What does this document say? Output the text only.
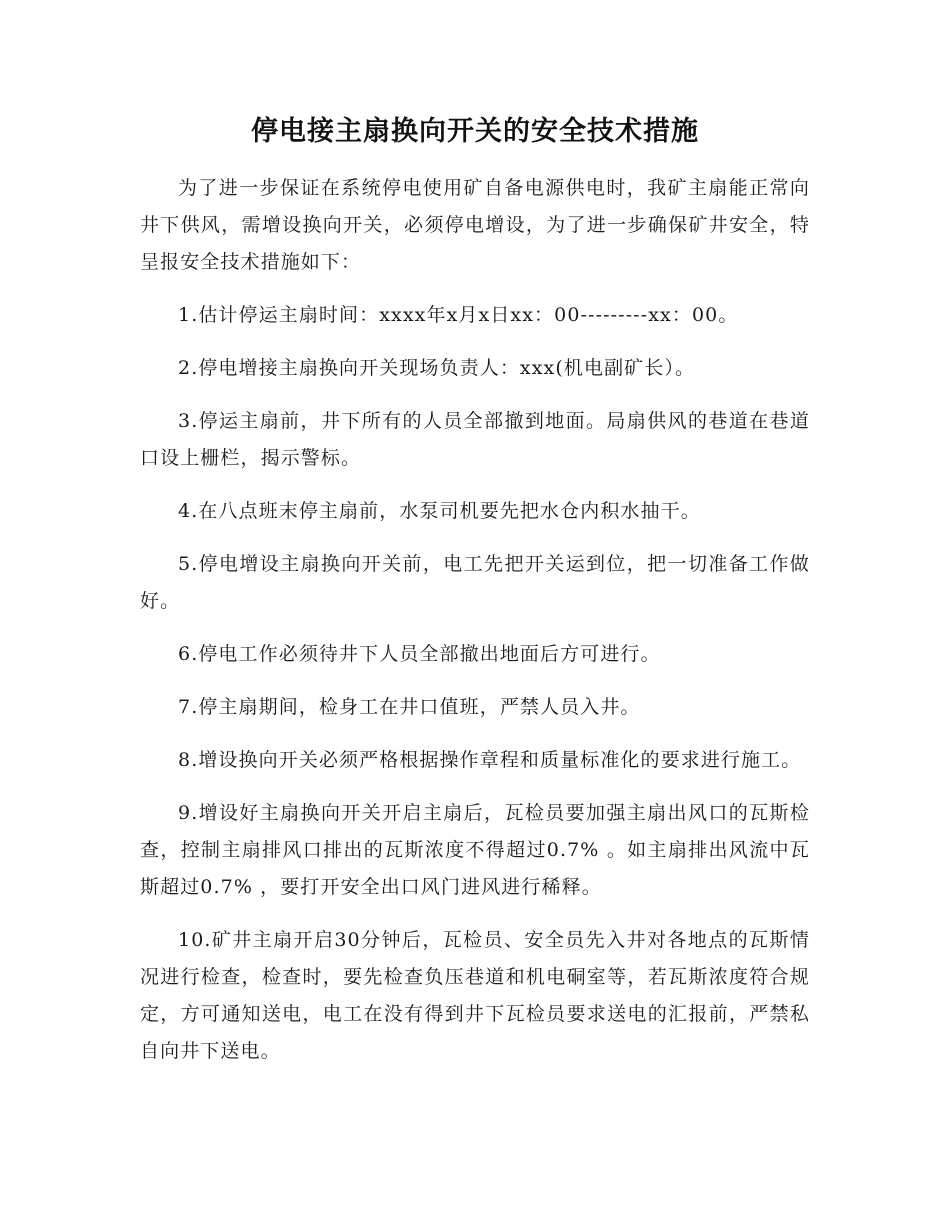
停电接主扇换向开关的安全技术措施

为了进一步保证在系统停电使用矿自备电源供电时，我矿主扇能正常向井下供风，需增设换向开关，必须停电增设，为了进一步确保矿井安全，特呈报安全技术措施如下：

1.估计停运主扇时间：xxxx年x月x日xx：00---------xx：00。

2.停电增接主扇换向开关现场负责人：xxx(机电副矿长）。

3.停运主扇前，井下所有的人员全部撤到地面。局扇供风的巷道在巷道口设上栅栏，揭示警标。

4.在八点班末停主扇前，水泵司机要先把水仓内积水抽干。

5.停电增设主扇换向开关前，电工先把开关运到位，把一切准备工作做好。

6.停电工作必须待井下人员全部撤出地面后方可进行。

7.停主扇期间，检身工在井口值班，严禁人员入井。

8.增设换向开关必须严格根据操作章程和质量标准化的要求进行施工。

9.增设好主扇换向开关开启主扇后，瓦检员要加强主扇出风口的瓦斯检查，控制主扇排风口排出的瓦斯浓度不得超过0.7% 。如主扇排出风流中瓦斯超过0.7% ，要打开安全出口风门进风进行稀释。

10.矿井主扇开启30分钟后，瓦检员、安全员先入井对各地点的瓦斯情况进行检查，检查时，要先检查负压巷道和机电硐室等，若瓦斯浓度符合规定，方可通知送电，电工在没有得到井下瓦检员要求送电的汇报前，严禁私自向井下送电。
